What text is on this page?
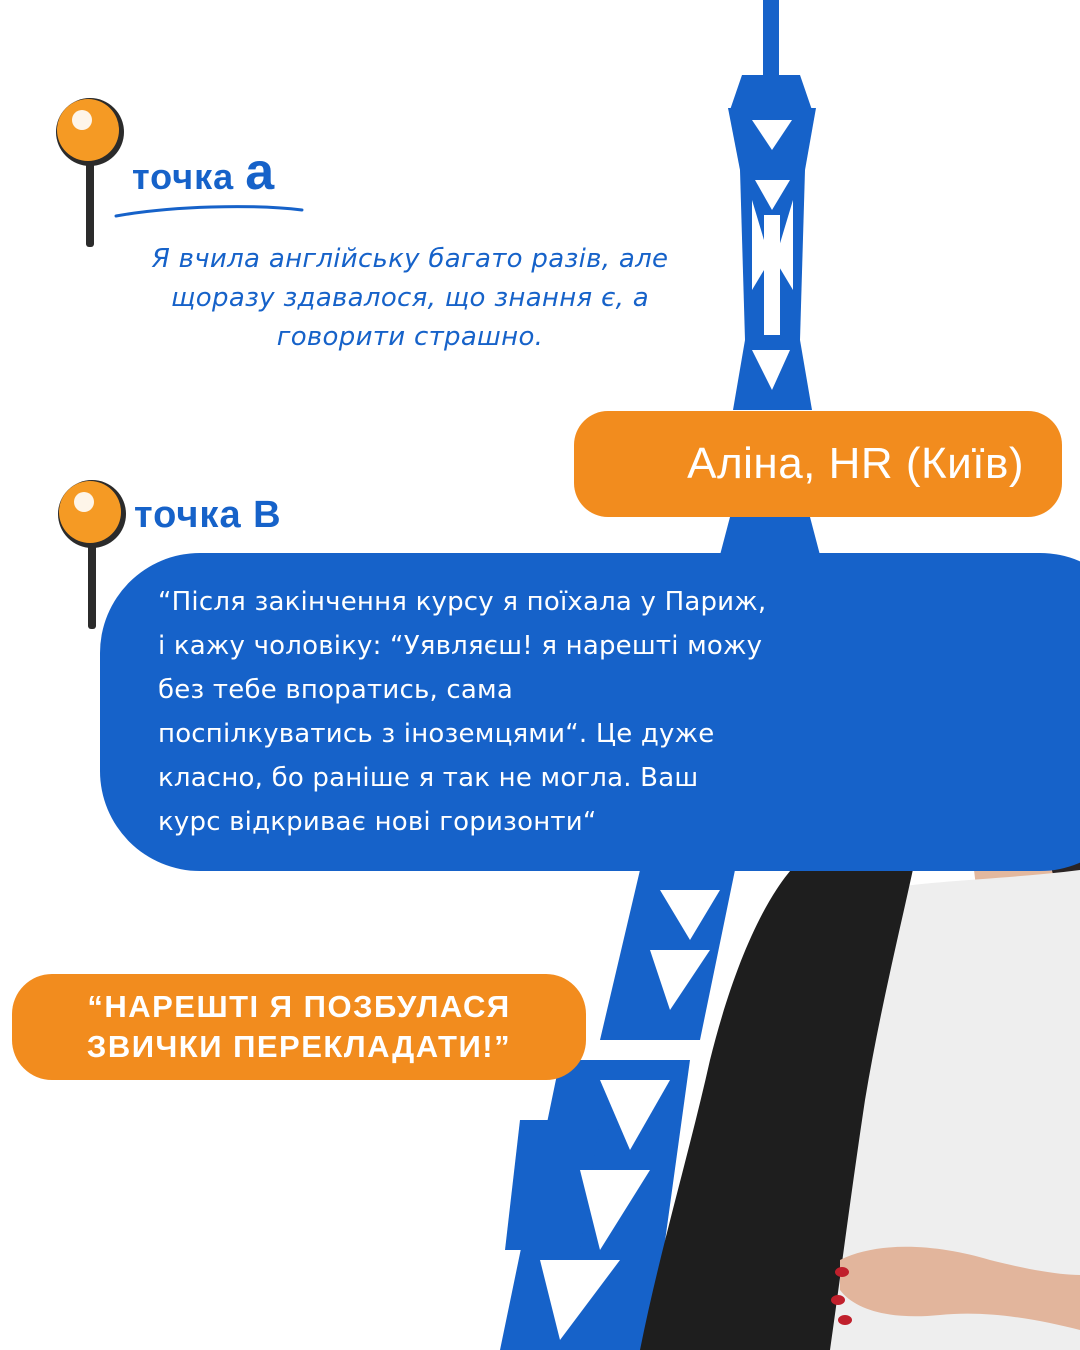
точка a
Я вчила англійську багато разів, але щоразу здавалося, що знання є, а говорити страшно.
Аліна, HR (Київ)
точка B
“Після закінчення курсу я поїхала у Париж,
і кажу чоловіку: “Уявляєш! я нарешті можу
без тебе впоратись, сама
поспілкуватись з іноземцями“. Це дуже
класно, бо раніше я так не могла. Ваш
курс відкриває нові горизонти“
“НАРЕШТІ Я ПОЗБУЛАСЯ
ЗВИЧКИ ПЕРЕКЛАДАТИ!”
